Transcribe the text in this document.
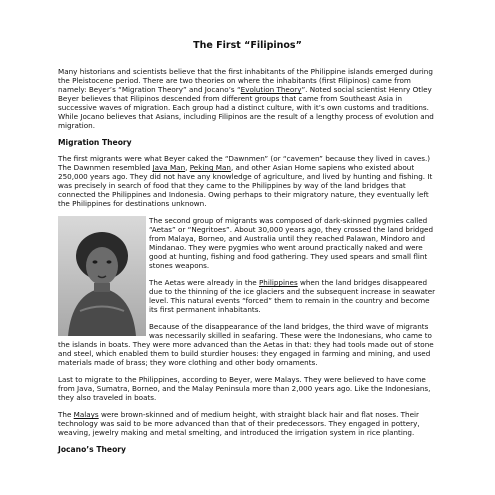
The First “Filipinos”

Many historians and scientists believe that the first inhabitants of the Philippine islands emerged during the Pleistocene period. There are two theories on where the inhabitants (first Filipinos) came from namely: Beyer’s “Migration Theory” and Jocano’s “Evolution Theory”. Noted social scientist Henry Otley Beyer believes that Filipinos descended from different groups that came from Southeast Asia in successive waves of migration. Each group had a distinct culture, with it’s own customs and traditions. While Jocano believes that Asians, including Filipinos are the result of a lengthy process of evolution and migration.

Migration Theory

The first migrants were what Beyer caked the “Dawnmen” (or “cavemen” because they lived in caves.) The Dawnmen resembled Java Man, Peking Man, and other Asian Home sapiens who existed about 250,000 years ago. They did not have any knowledge of agriculture, and lived by hunting and fishing. It was precisely in search of food that they came to the Philippines by way of the land bridges that connected the Philippines and Indonesia. Owing perhaps to their migratory nature, they eventually left the Philippines for destinations unknown.

The second group of migrants was composed of dark-skinned pygmies called “Aetas” or “Negritoes”. About 30,000 years ago, they crossed the land bridged from Malaya, Borneo, and Australia until they reached Palawan, Mindoro and Mindanao. They were pygmies who went around practically naked and were good at hunting, fishing and food gathering. They used spears and small flint stones weapons.

The Aetas were already in the Philippines when the land bridges disappeared due to the thinning of the ice glaciers and the subsequent increase in seawater level. This natural events “forced” them to remain in the country and become its first permanent inhabitants.

Because of the disappearance of the land bridges, the third wave of migrants was necessarily skilled in seafaring. These were the Indonesians, who came to the islands in boats. They were more advanced than the Aetas in that: they had tools made out of stone and steel, which enabled them to build sturdier houses: they engaged in farming and mining, and used materials made of brass; they wore clothing and other body ornaments.

Last to migrate to the Philippines, according to Beyer, were Malays. They were believed to have come from Java, Sumatra, Borneo, and the Malay Peninsula more than 2,000 years ago. Like the Indonesians, they also traveled in boats.

The Malays were brown-skinned and of medium height, with straight black hair and flat noses. Their technology was said to be more advanced than that of their predecessors. They engaged in pottery, weaving, jewelry making and metal smelting, and introduced the irrigation system in rice planting.

Jocano’s Theory
